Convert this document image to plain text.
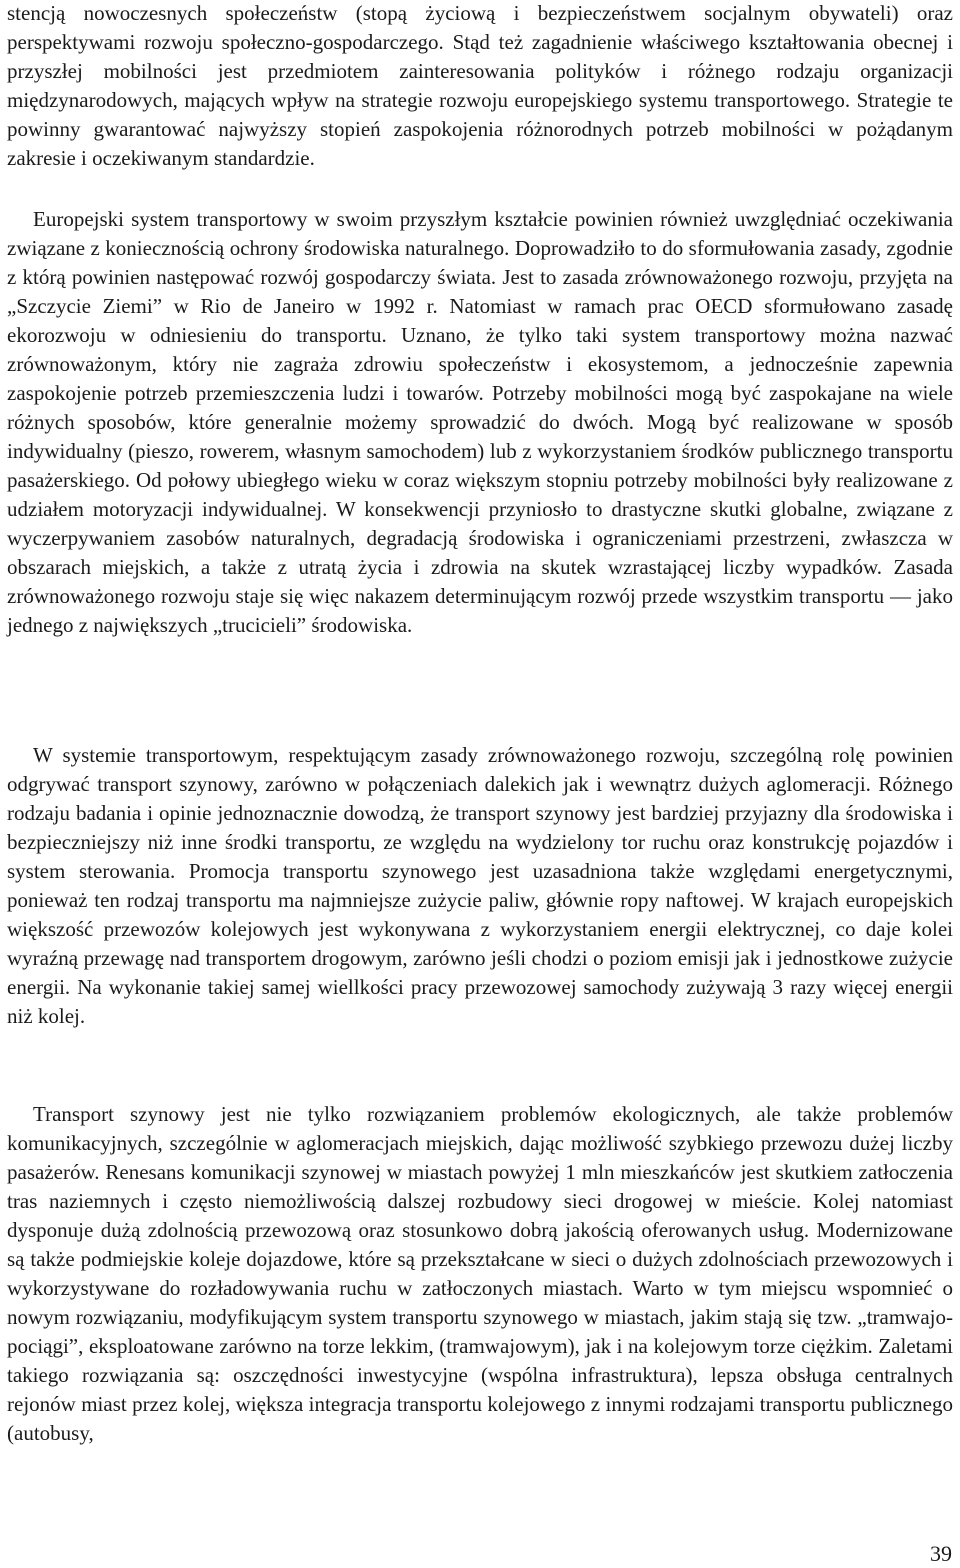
stencją nowoczesnych społeczeństw (stopą życiową i bezpieczeństwem socjalnym obywateli) oraz perspektywami rozwoju społeczno-gospodarczego. Stąd też zagadnienie właściwego kształtowania obecnej i przyszłej mobilności jest przedmiotem zainteresowania polityków i różnego rodzaju organizacji międzynarodowych, mających wpływ na strategie rozwoju europejskiego systemu transportowego. Strategie te powinny gwarantować najwyższy stopień zaspokojenia różnorodnych potrzeb mobilności w pożądanym zakresie i oczekiwanym standardzie.

Europejski system transportowy w swoim przyszłym kształcie powinien również uwzględniać oczekiwania związane z koniecznością ochrony środowiska naturalnego. Doprowadziło to do sformułowania zasady, zgodnie z którą powinien następować rozwój gospodarczy świata. Jest to zasada zrównoważonego rozwoju, przyjęta na „Szczycie Ziemi” w Rio de Janeiro w 1992 r. Natomiast w ramach prac OECD sformułowano zasadę ekorozwoju w odniesieniu do transportu. Uznano, że tylko taki system transportowy można nazwać zrównoważonym, który nie zagraża zdrowiu społeczeństw i ekosystemom, a jednocześnie zapewnia zaspokojenie potrzeb przemieszczenia ludzi i towarów. Potrzeby mobilności mogą być zaspokajane na wiele różnych sposobów, które generalnie możemy sprowadzić do dwóch. Mogą być realizowane w sposób indywidualny (pieszo, rowerem, własnym samochodem) lub z wykorzystaniem środków publicznego transportu pasażerskiego. Od połowy ubiegłego wieku w coraz większym stopniu potrzeby mobilności były realizowane z udziałem motoryzacji indywidualnej. W konsekwencji przyniosło to drastyczne skutki globalne, związane z wyczerpywaniem zasobów naturalnych, degradacją środowiska i ograniczeniami przestrzeni, zwłaszcza w obszarach miejskich, a także z utratą życia i zdrowia na skutek wzrastającej liczby wypadków. Zasada zrównoważonego rozwoju staje się więc nakazem determinującym rozwój przede wszystkim transportu — jako jednego z największych „trucicieli” środowiska.

W systemie transportowym, respektującym zasady zrównoważonego rozwoju, szczególną rolę powinien odgrywać transport szynowy, zarówno w połączeniach dalekich jak i wewnątrz dużych aglomeracji. Różnego rodzaju badania i opinie jednoznacznie dowodzą, że transport szynowy jest bardziej przyjazny dla środowiska i bezpieczniejszy niż inne środki transportu, ze względu na wydzielony tor ruchu oraz konstrukcję pojazdów i system sterowania. Promocja transportu szynowego jest uzasadniona także względami energetycznymi, ponieważ ten rodzaj transportu ma najmniejsze zużycie paliw, głównie ropy naftowej. W krajach europejskich większość przewozów kolejowych jest wykonywana z wykorzystaniem energii elektrycznej, co daje kolei wyraźną przewagę nad transportem drogowym, zarówno jeśli chodzi o poziom emisji jak i jednostkowe zużycie energii. Na wykonanie takiej samej wiellkości pracy przewozowej samochody zużywają 3 razy więcej energii niż kolej.

Transport szynowy jest nie tylko rozwiązaniem problemów ekologicznych, ale także problemów komunikacyjnych, szczególnie w aglomeracjach miejskich, dając możliwość szybkiego przewozu dużej liczby pasażerów. Renesans komunikacji szynowej w miastach powyżej 1 mln mieszkańców jest skutkiem zatłoczenia tras naziemnych i często niemożliwością dalszej rozbudowy sieci drogowej w mieście. Kolej natomiast dysponuje dużą zdolnością przewozową oraz stosunkowo dobrą jakością oferowanych usług. Modernizowane są także podmiejskie koleje dojazdowe, które są przekształcane w sieci o dużych zdolnościach przewozowych i wykorzystywane do rozładowywania ruchu w zatłoczonych miastach. Warto w tym miejscu wspomnieć o nowym rozwiązaniu, modyfikującym system transportu szynowego w miastach, jakim stają się tzw. „tramwajo-pociągi”, eksploatowane zarówno na torze lekkim, (tramwajowym), jak i na kolejowym torze ciężkim. Zaletami takiego rozwiązania są: oszczędności inwestycyjne (wspólna infrastruktura), lepsza obsługa centralnych rejonów miast przez kolej, większa integracja transportu kolejowego z innymi rodzajami transportu publicznego (autobusy,

39
